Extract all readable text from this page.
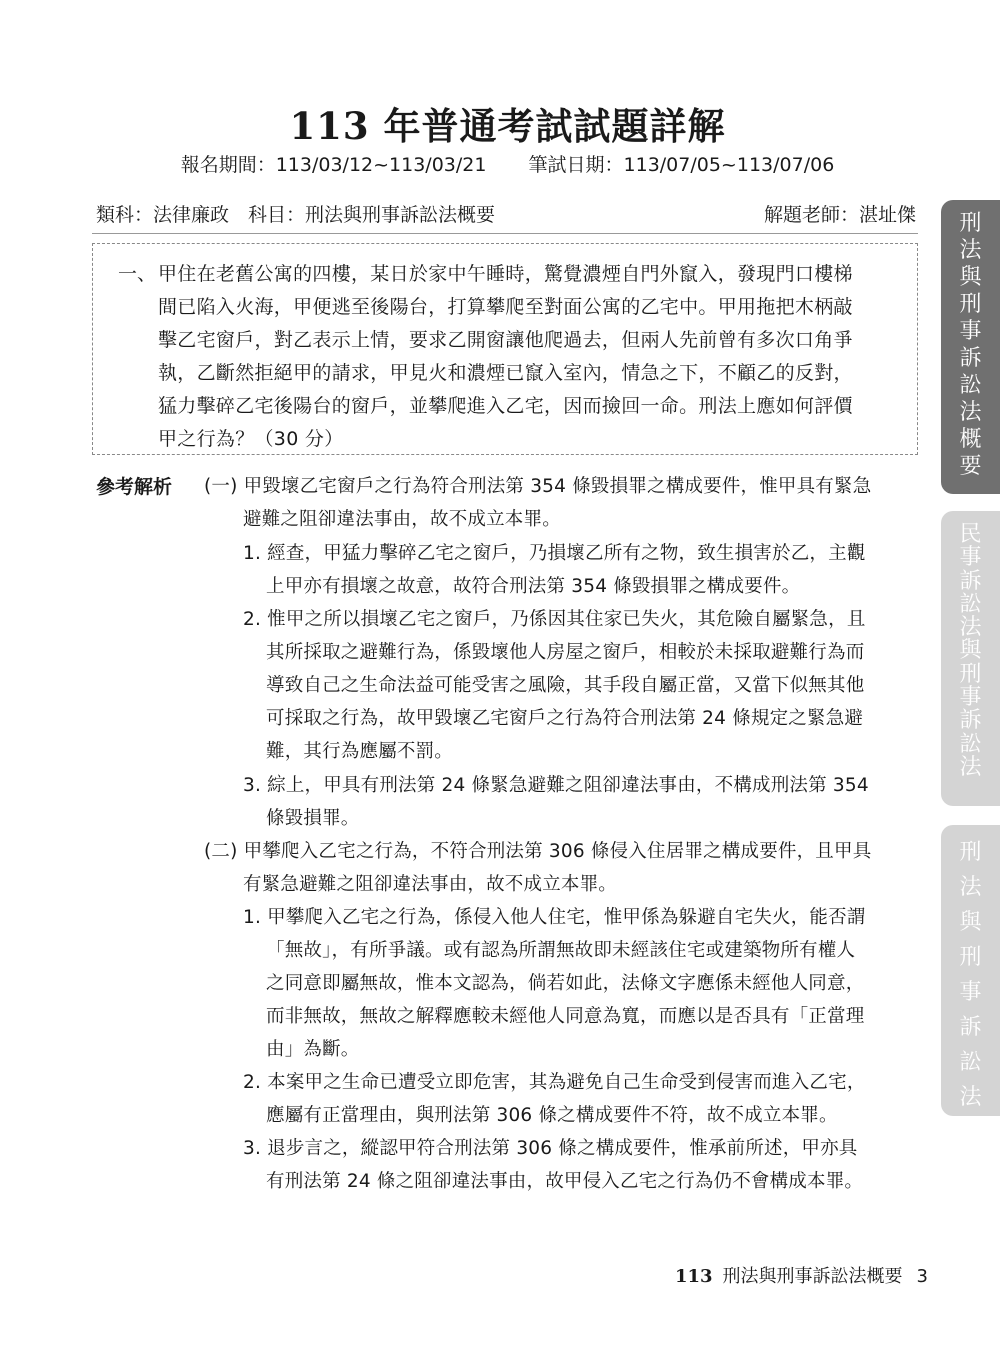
113 年普通考試試題詳解
報名期間：113/03/12~113/03/21 筆試日期：113/07/05~113/07/06
類科：法律廉政　科目：刑法與刑事訴訟法概要	解題老師：湛址傑
一、 甲住在老舊公寓的四樓，某日於家中午睡時，驚覺濃煙自門外竄入，發現門口樓梯
間已陷入火海，甲便逃至後陽台，打算攀爬至對面公寓的乙宅中。甲用拖把木柄敲
擊乙宅窗戶，對乙表示上情，要求乙開窗讓他爬過去，但兩人先前曾有多次口角爭
執，乙斷然拒絕甲的請求，甲見火和濃煙已竄入室內，情急之下，不顧乙的反對，
猛力擊碎乙宅後陽台的窗戶，並攀爬進入乙宅，因而撿回一命。刑法上應如何評價
甲之行為？（30 分）
參考解析 (一) 甲毀壞乙宅窗戶之行為符合刑法第 354 條毀損罪之構成要件，惟甲具有緊急
避難之阻卻違法事由，故不成立本罪。
1. 經查，甲猛力擊碎乙宅之窗戶，乃損壞乙所有之物，致生損害於乙，主觀
上甲亦有損壞之故意，故符合刑法第 354 條毀損罪之構成要件。
2. 惟甲之所以損壞乙宅之窗戶，乃係因其住家已失火，其危險自屬緊急，且
其所採取之避難行為，係毀壞他人房屋之窗戶，相較於未採取避難行為而
導致自己之生命法益可能受害之風險，其手段自屬正當，又當下似無其他
可採取之行為，故甲毀壞乙宅窗戶之行為符合刑法第 24 條規定之緊急避
難，其行為應屬不罰。
3. 綜上，甲具有刑法第 24 條緊急避難之阻卻違法事由，不構成刑法第 354
條毀損罪。
(二) 甲攀爬入乙宅之行為，不符合刑法第 306 條侵入住居罪之構成要件，且甲具
有緊急避難之阻卻違法事由，故不成立本罪。
1. 甲攀爬入乙宅之行為，係侵入他人住宅，惟甲係為躲避自宅失火，能否謂
「無故」，有所爭議。或有認為所謂無故即未經該住宅或建築物所有權人
之同意即屬無故，惟本文認為，倘若如此，法條文字應係未經他人同意，
而非無故，無故之解釋應較未經他人同意為寬，而應以是否具有「正當理
由」為斷。
2. 本案甲之生命已遭受立即危害，其為避免自己生命受到侵害而進入乙宅，
應屬有正當理由，與刑法第 306 條之構成要件不符，故不成立本罪。
3. 退步言之，縱認甲符合刑法第 306 條之構成要件，惟承前所述，甲亦具
有刑法第 24 條之阻卻違法事由，故甲侵入乙宅之行為仍不會構成本罪。
刑
法
與
刑
事
訴
訟
法
概
要
民
事
訴
訟
法
與
刑
事
訴
訟
法
刑
法
與
刑
事
訴
訟
法
113 刑法與刑事訴訟法概要 3
